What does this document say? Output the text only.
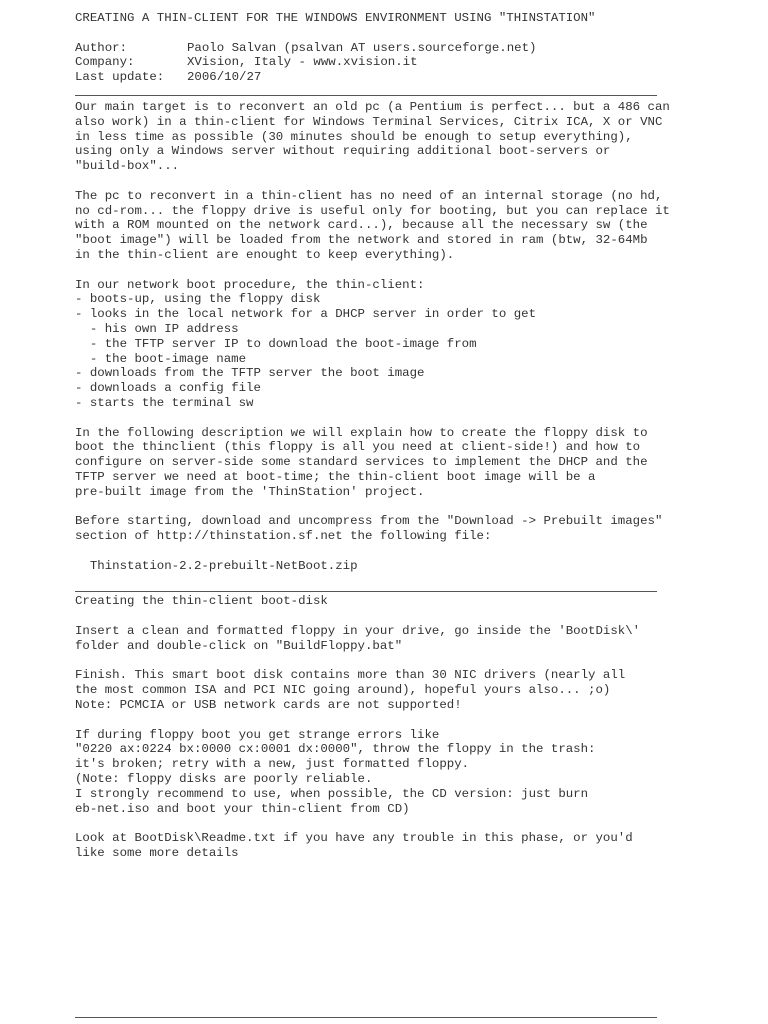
CREATING A THIN-CLIENT FOR THE WINDOWS ENVIRONMENT USING "THINSTATION"
Author:	Paolo Salvan (psalvan AT users.sourceforge.net)
Company:	XVision, Italy - www.xvision.it
Last update:	2006/10/27
Our main target is to reconvert an old pc (a Pentium is perfect... but a 486 can
also work) in a thin-client for Windows Terminal Services, Citrix ICA, X or VNC
in less time as possible (30 minutes should be enough to setup everything),
using only a Windows server without requiring additional boot-servers or
"build-box"...
The pc to reconvert in a thin-client has no need of an internal storage (no hd,
no cd-rom... the floppy drive is useful only for booting, but you can replace it
with a ROM mounted on the network card...), because all the necessary sw (the
"boot image") will be loaded from the network and stored in ram (btw, 32-64Mb
in the thin-client are enought to keep everything).
In our network boot procedure, the thin-client:
- boots-up, using the floppy disk
- looks in the local network for a DHCP server in order to get
- his own IP address
- the TFTP server IP to download the boot-image from
- the boot-image name
- downloads from the TFTP server the boot image
- downloads a config file
- starts the terminal sw
In the following description we will explain how to create the floppy disk to
boot the thinclient (this floppy is all you need at client-side!) and how to
configure on server-side some standard services to implement the DHCP and the
TFTP server we need at boot-time; the thin-client boot image will be a
pre-built image from the 'ThinStation' project.
Before starting, download and uncompress from the "Download -> Prebuilt images"
section of http://thinstation.sf.net the following file:
Thinstation-2.2-prebuilt-NetBoot.zip
Creating the thin-client boot-disk
Insert a clean and formatted floppy in your drive, go inside the 'BootDisk\'
folder and double-click on "BuildFloppy.bat"
Finish. This smart boot disk contains more than 30 NIC drivers (nearly all
the most common ISA and PCI NIC going around), hopeful yours also... ;o)
Note: PCMCIA or USB network cards are not supported!
If during floppy boot you get strange errors like
"0220 ax:0224 bx:0000 cx:0001 dx:0000", throw the floppy in the trash:
it's broken; retry with a new, just formatted floppy.
(Note: floppy disks are poorly reliable.
I strongly recommend to use, when possible, the CD version: just burn
eb-net.iso and boot your thin-client from CD)
Look at BootDisk\Readme.txt if you have any trouble in this phase, or you'd
like some more details
